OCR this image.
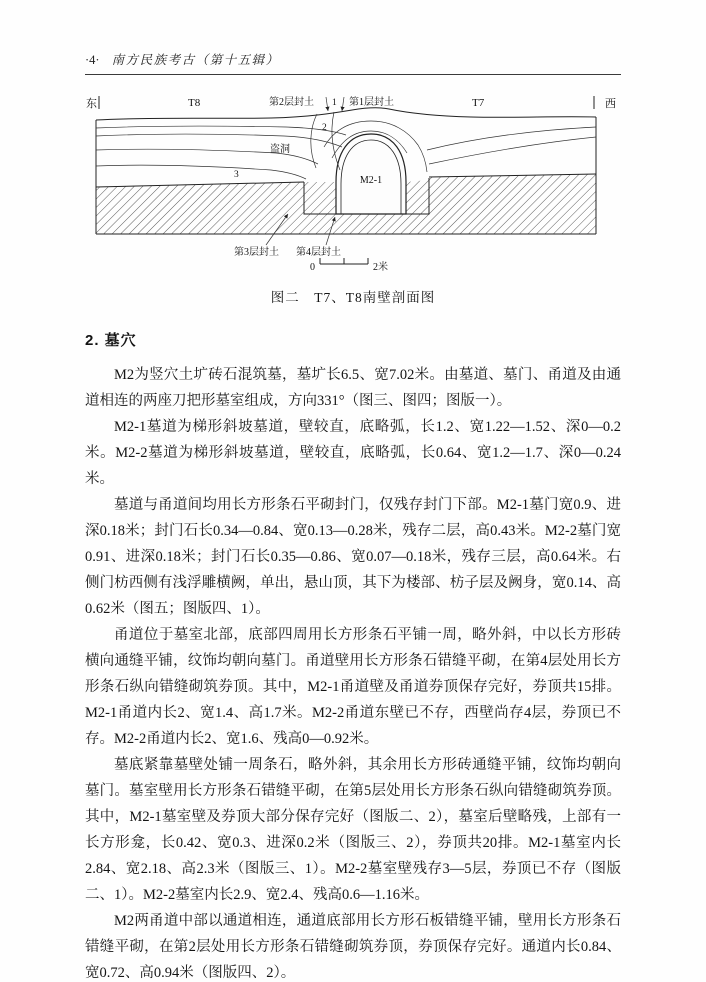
·4· 南方民族考古（第十五辑）
东	T8	第2层封土 1 第1层封土	T7	西
2
3
盗洞
M2-1
第3层封土 第4层封土
0	2米
图二　T7、T8南壁剖面图
2. 墓穴

M2为竖穴土圹砖石混筑墓，墓圹长6.5、宽7.02米。由墓道、墓门、甬道及由通道相连的两座刀把形墓室组成，方向331°（图三、图四；图版一）。

M2-1墓道为梯形斜坡墓道，壁较直，底略弧，长1.2、宽1.22—1.52、深0—0.2米。M2-2墓道为梯形斜坡墓道，壁较直，底略弧，长0.64、宽1.2—1.7、深0—0.24米。

墓道与甬道间均用长方形条石平砌封门，仅残存封门下部。M2-1墓门宽0.9、进深0.18米；封门石长0.34—0.84、宽0.13—0.28米，残存二层，高0.43米。M2-2墓门宽0.91、进深0.18米；封门石长0.35—0.86、宽0.07—0.18米，残存三层，高0.64米。右侧门枋西侧有浅浮雕横阙，单出，悬山顶，其下为楼部、枋子层及阙身，宽0.14、高0.62米（图五；图版四、1）。

甬道位于墓室北部，底部四周用长方形条石平铺一周，略外斜，中以长方形砖横向通缝平铺，纹饰均朝向墓门。甬道壁用长方形条石错缝平砌，在第4层处用长方形条石纵向错缝砌筑券顶。其中，M2-1甬道壁及甬道券顶保存完好，券顶共15排。M2-1甬道内长2、宽1.4、高1.7米。M2-2甬道东壁已不存，西壁尚存4层，券顶已不存。M2-2甬道内长2、宽1.6、残高0—0.92米。

墓底紧靠墓壁处铺一周条石，略外斜，其余用长方形砖通缝平铺，纹饰均朝向墓门。墓室壁用长方形条石错缝平砌，在第5层处用长方形条石纵向错缝砌筑券顶。其中，M2-1墓室壁及券顶大部分保存完好（图版二、2），墓室后壁略残，上部有一长方形龛，长0.42、宽0.3、进深0.2米（图版三、2），券顶共20排。M2-1墓室内长2.84、宽2.18、高2.3米（图版三、1）。M2-2墓室壁残存3—5层，券顶已不存（图版二、1）。M2-2墓室内长2.9、宽2.4、残高0.6—1.16米。

M2两甬道中部以通道相连，通道底部用长方形石板错缝平铺，壁用长方形条石错缝平砌，在第2层处用长方形条石错缝砌筑券顶，券顶保存完好。通道内长0.84、宽0.72、高0.94米（图版四、2）。
